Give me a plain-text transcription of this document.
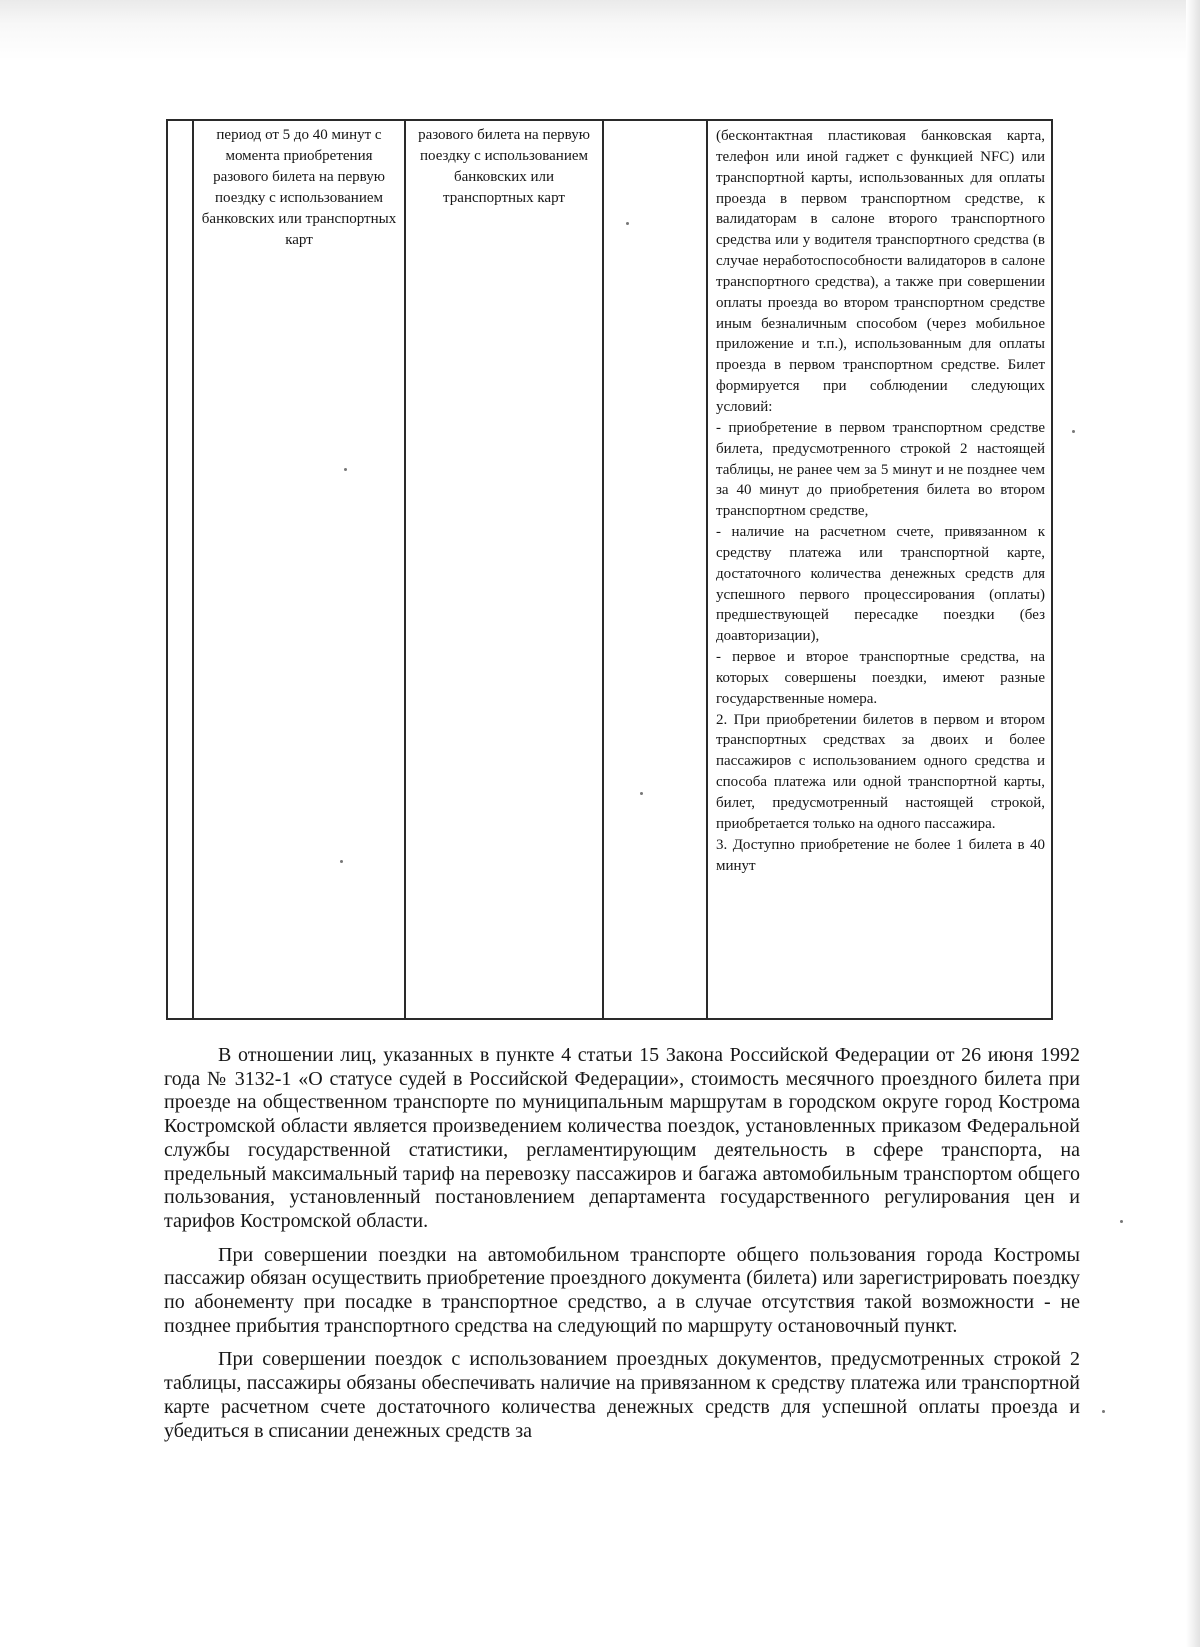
период от 5 до 40 минут с момента приобретения разового билета на первую поездку с использованием банковских или транспортных карт
разового билета на первую поездку с использованием банковских или транспортных карт

(бесконтактная пластиковая банковская карта, телефон или иной гаджет с функцией NFC) или транспортной карты, использованных для оплаты проезда в первом транспортном средстве, к валидаторам в салоне второго транспортного средства или у водителя транспортного средства (в случае неработоспособности валидаторов в салоне транспортного средства), а также при совершении оплаты проезда во втором транспортном средстве иным безналичным способом (через мобильное приложение и т.п.), использованным для оплаты проезда в первом транспортном средстве. Билет формируется при соблюдении следующих условий:

- приобретение в первом транспортном средстве билета, предусмотренного строкой 2 настоящей таблицы, не ранее чем за 5 минут и не позднее чем за 40 минут до приобретения билета во втором транспортном средстве,

- наличие на расчетном счете, привязанном к средству платежа или транспортной карте, достаточного количества денежных средств для успешного первого процессирования (оплаты) предшествующей пересадке поездки (без доавторизации),

- первое и второе транспортные средства, на которых совершены поездки, имеют разные государственные номера.

2. При приобретении билетов в первом и втором транспортных средствах за двоих и более пассажиров с использованием одного средства и способа платежа или одной транспортной карты, билет, предусмотренный настоящей строкой, приобретается только на одного пассажира.

3. Доступно приобретение не более 1 билета в 40 минут

В отношении лиц, указанных в пункте 4 статьи 15 Закона Российской Федерации от 26 июня 1992 года № 3132-1 «О статусе судей в Российской Федерации», стоимость месячного проездного билета при проезде на общественном транспорте по муниципальным маршрутам в городском округе город Кострома Костромской области является произведением количества поездок, установленных приказом Федеральной службы государственной статистики, регламентирующим деятельность в сфере транспорта, на предельный максимальный тариф на перевозку пассажиров и багажа автомобильным транспортом общего пользования, установленный постановлением департамента государственного регулирования цен и тарифов Костромской области.

При совершении поездки на автомобильном транспорте общего пользования города Костромы пассажир обязан осуществить приобретение проездного документа (билета) или зарегистрировать поездку по абонементу при посадке в транспортное средство, а в случае отсутствия такой возможности - не позднее прибытия транспортного средства на следующий по маршруту остановочный пункт.

При совершении поездок с использованием проездных документов, предусмотренных строкой 2 таблицы, пассажиры обязаны обеспечивать наличие на привязанном к средству платежа или транспортной карте расчетном счете достаточного количества денежных средств для успешной оплаты проезда и убедиться в списании денежных средств за
